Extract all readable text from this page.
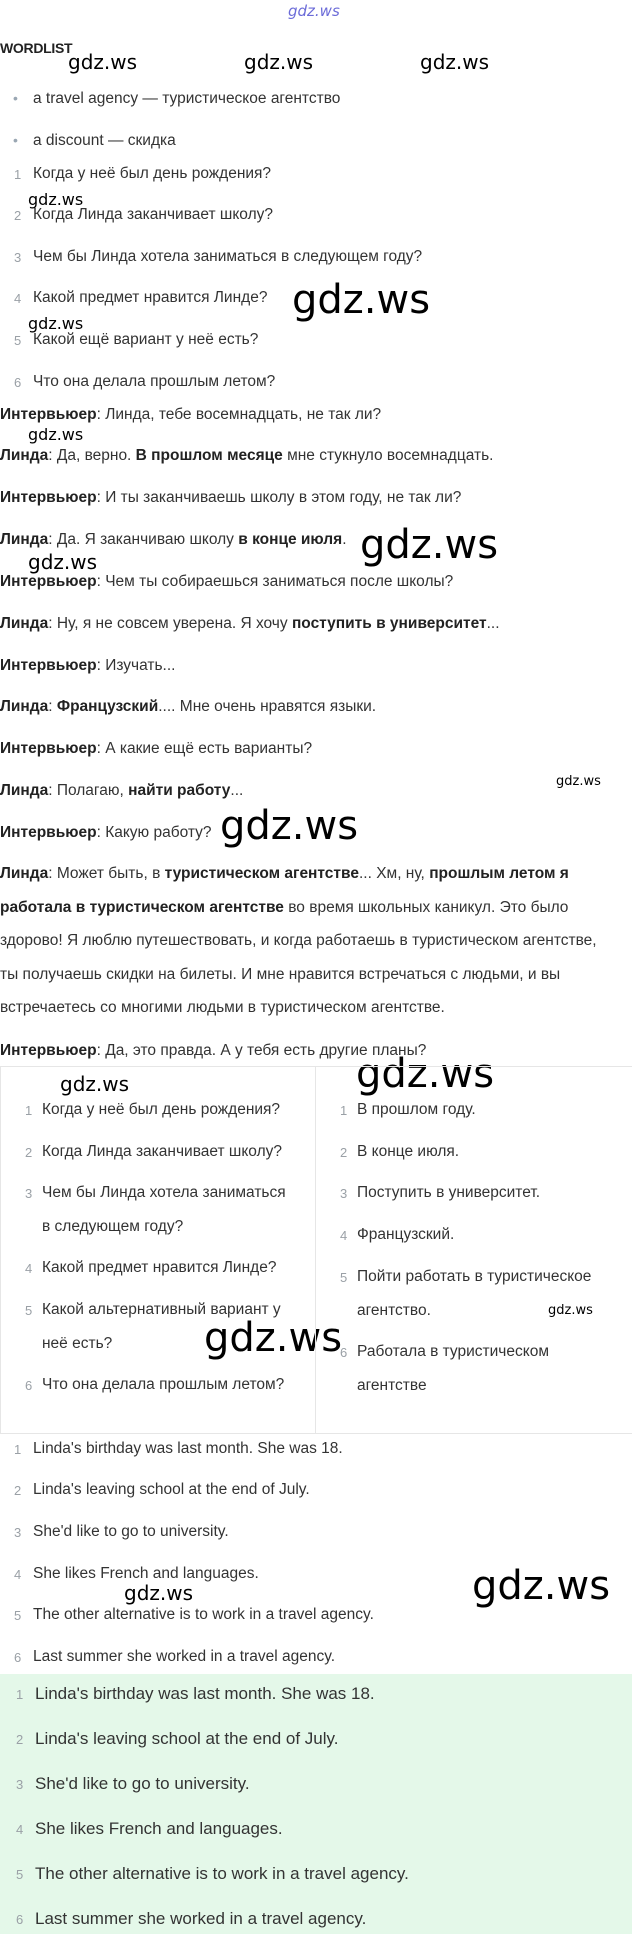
gdz.ws
gdz.ws	gdz.ws	gdz.ws
gdz.ws
gdz.ws
gdz.ws
gdz.ws
gdz.ws
gdz.ws
gdz.ws
gdz.ws
gdz.ws	gdz.ws
gdz.ws
gdz.ws
gdz.ws
gdz.ws
WORDLIST
• a travel agency — туристическое агентство
• a discount — скидка
1 Когда у неё был день рождения?
2 Когда Линда заканчивает школу?
3 Чем бы Линда хотела заниматься в следующем году?
4 Какой предмет нравится Линде?
5 Какой ещё вариант у неё есть?
6 Что она делала прошлым летом?
Интервьюер: Линда, тебе восемнадцать, не так ли?
Линда: Да, верно. В прошлом месяце мне стукнуло восемнадцать.
Интервьюер: И ты заканчиваешь школу в этом году, не так ли?
Линда: Да. Я заканчиваю школу в конце июля.
Интервьюер: Чем ты собираешься заниматься после школы?
Линда: Ну, я не совсем уверена. Я хочу поступить в университет...
Интервьюер: Изучать...
Линда: Французский.... Мне очень нравятся языки.
Интервьюер: А какие ещё есть варианты?
Линда: Полагаю, найти работу...
Интервьюер: Какую работу?
Линда: Может быть, в туристическом агентстве... Хм, ну, прошлым летом я работала в туристическом агентстве во время школьных каникул. Это было здорово! Я люблю путешествовать, и когда работаешь в туристическом агентстве, ты получаешь скидки на билеты. И мне нравится встречаться с людьми, и вы встречаетесь со многими людьми в туристическом агентстве.
Интервьюер: Да, это правда. А у тебя есть другие планы?
1 Когда у неё был день рождения?
2 Когда Линда заканчивает школу?
3 Чем бы Линда хотела заниматься
в следующем году?
4 Какой предмет нравится Линде?
5 Какой альтернативный вариант у
неё есть?
6 Что она делала прошлым летом?
1 В прошлом году.
2 В конце июля.
3 Поступить в университет.
4 Французский.
5 Пойти работать в туристическое
агентство.
6 Работала в туристическом
агентстве
1 Linda's birthday was last month. She was 18.
2 Linda's leaving school at the end of July.
3 She'd like to go to university.
4 She likes French and languages.
5 The other alternative is to work in a travel agency.
6 Last summer she worked in a travel agency.
1 Linda's birthday was last month. She was 18.
2 Linda's leaving school at the end of July.
3 She'd like to go to university.
4 She likes French and languages.
5 The other alternative is to work in a travel agency.
6 Last summer she worked in a travel agency.
